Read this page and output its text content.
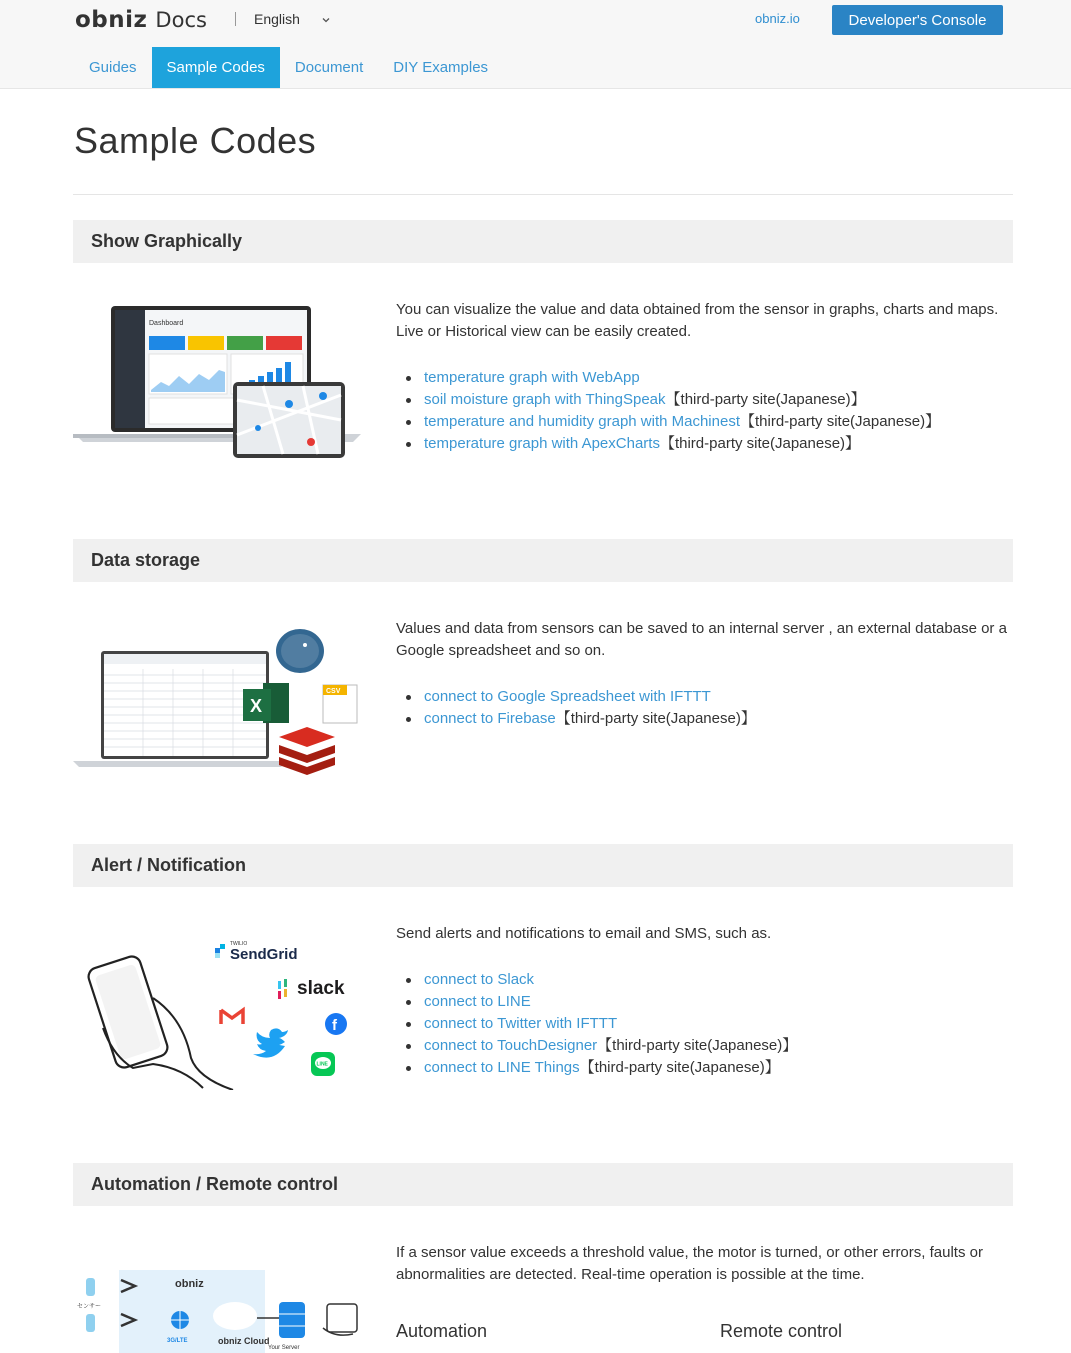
obniz Docs	English	obniz.io	Developer's Console
Guides	Sample Codes	Document	DIY Examples
Sample Codes
Show Graphically
Dashboard

You can visualize the value and data obtained from the sensor in graphs, charts and maps. Live or Historical view can be easily created.

temperature graph with WebApp
soil moisture graph with ThingSpeak【third-party site(Japanese)】
temperature and humidity graph with Machinest【third-party site(Japanese)】
temperature graph with ApexCharts【third-party site(Japanese)】
Data storage
X
CSV

Values and data from sensors can be saved to an internal server , an external database or a Google spreadsheet and so on.

connect to Google Spreadsheet with IFTTT
connect to Firebase【third-party site(Japanese)】
Alert / Notification
TWILIO
SendGrid
slack
f
LINE

Send alerts and notifications to email and SMS, such as.

connect to Slack
connect to LINE
connect to Twitter with IFTTT
connect to TouchDesigner【third-party site(Japanese)】
connect to LINE Things【third-party site(Japanese)】
Automation / Remote control
センサー
obniz
3G/LTE	obniz Cloud
Your Server

If a sensor value exceeds a threshold value, the motor is turned, or other errors, faults or abnormalities are detected. Real-time operation is possible at the time.

Automation	Remote control
